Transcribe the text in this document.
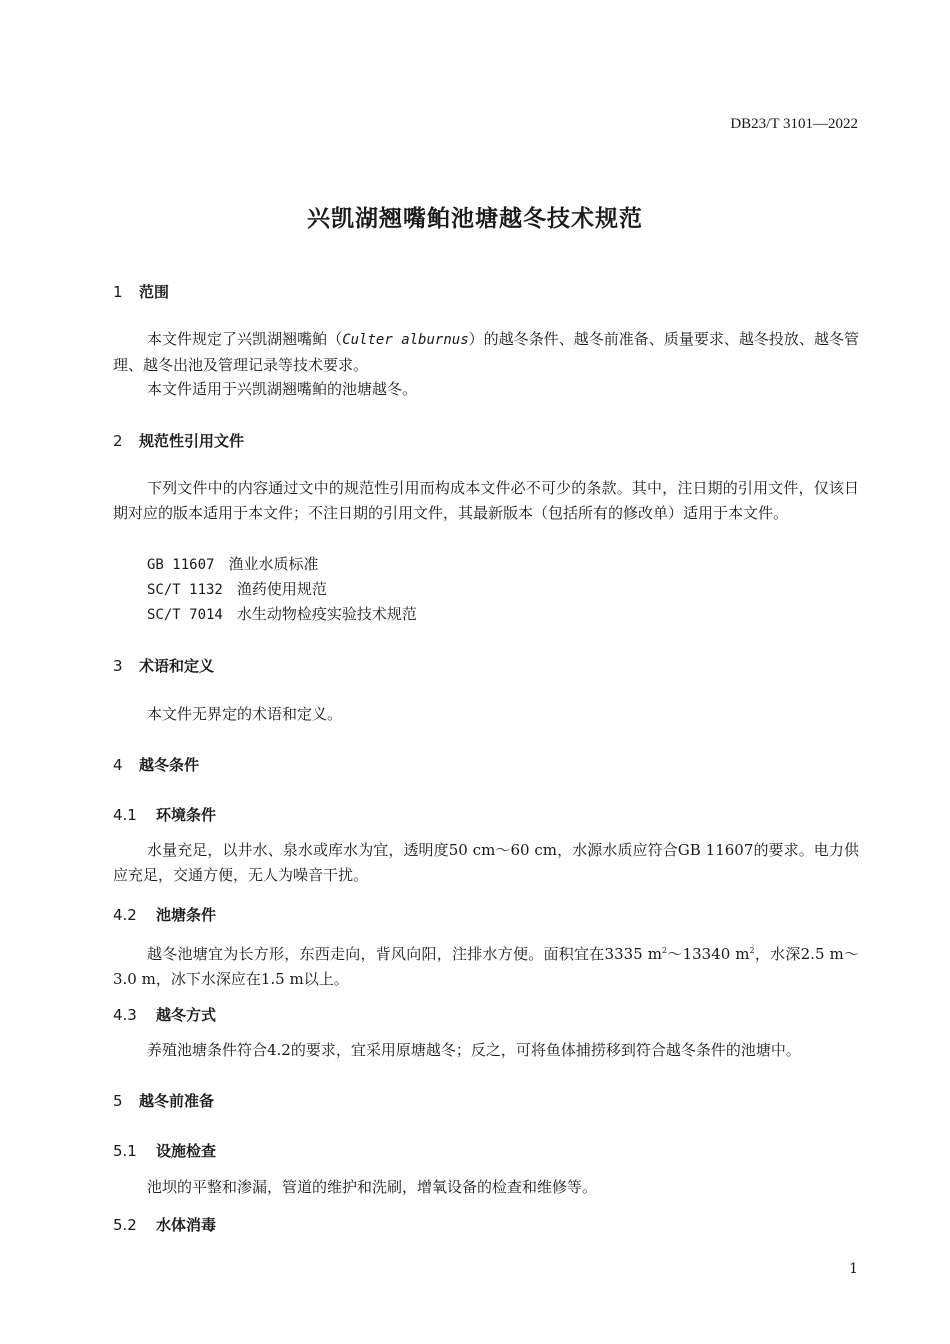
DB23/T 3101—2022
兴凯湖翘嘴鲌池塘越冬技术规范
1 范围
本文件规定了兴凯湖翘嘴鲌（Culter alburnus）的越冬条件、越冬前准备、质量要求、越冬投放、越冬管理、越冬出池及管理记录等技术要求。
本文件适用于兴凯湖翘嘴鲌的池塘越冬。
2 规范性引用文件
下列文件中的内容通过文中的规范性引用而构成本文件必不可少的条款。其中，注日期的引用文件，仅该日期对应的版本适用于本文件；不注日期的引用文件，其最新版本（包括所有的修改单）适用于本文件。
GB 11607 渔业水质标准
SC/T 1132 渔药使用规范
SC/T 7014 水生动物检疫实验技术规范
3 术语和定义
本文件无界定的术语和定义。
4 越冬条件
4.1 环境条件
水量充足，以井水、泉水或库水为宜，透明度50 cm～60 cm，水源水质应符合GB 11607的要求。电力供应充足，交通方便，无人为噪音干扰。
4.2 池塘条件
越冬池塘宜为长方形，东西走向，背风向阳，注排水方便。面积宜在3335 $m^2\sim 13340$ $m^2$，水深2.5 m～3.0 m，冰下水深应在1.5 m以上。
4.3 越冬方式
养殖池塘条件符合4.2的要求，宜采用原塘越冬；反之，可将鱼体捕捞移到符合越冬条件的池塘中。
5 越冬前准备
5.1 设施检查
池坝的平整和渗漏，管道的维护和洗刷，增氧设备的检查和维修等。
5.2 水体消毒
1
